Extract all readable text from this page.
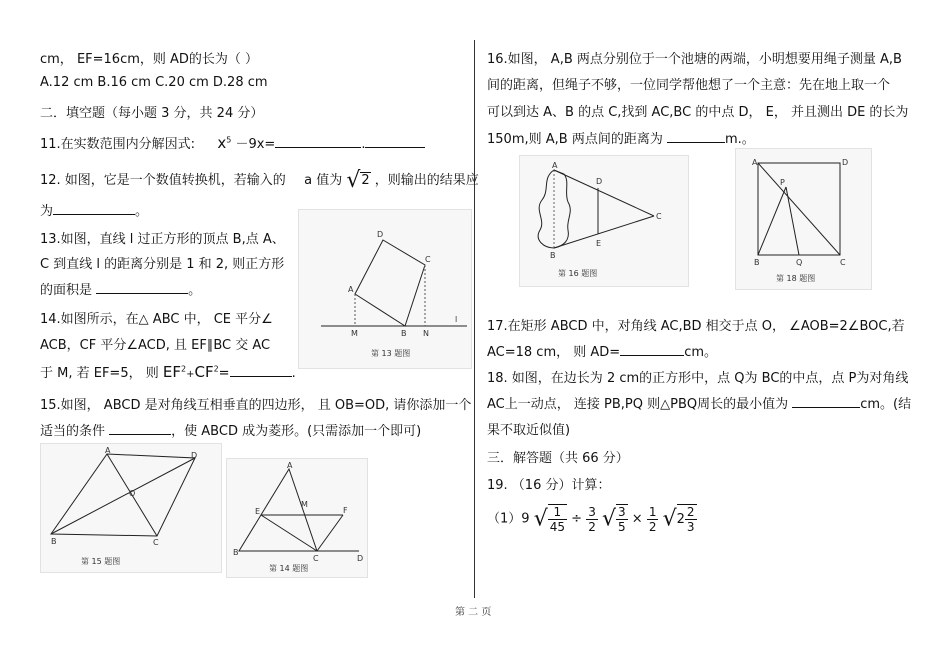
cm， EF=16cm，则 AD的长为（ ）
A.12 cm B.16 cm C.20 cm D.28 cm
二．填空题（每小题 3 分，共 24 分）
11.在实数范围内分解因式: $x^5 -9x=$	.
12. 如图，它是一个数值转换机，若输入的 a 值为 √2 ，则输出的结果应
为	。
13.如图，直线 l 过正方形的顶点 B,点 A、
C 到直线 l 的距离分别是 1 和 2, 则正方形
的面积是	。
14.如图所示，在△ ABC 中， CE 平分∠
ACB，CF 平分∠ACD, 且 EF∥BC 交 AC
于 M, 若 EF=5， 则 $EF^2+CF^2=$	.
15.如图， ABCD 是对角线互相垂直的四边形， 且 OB=OD, 请你添加一个
适当的条件	，使 ABCD 成为菱形。(只需添加一个即可)
D
C
A
M	B N
l
第 13 题图
A
D
O
B	C
第 15 题图
A
E
M
F
B
C	D
第 14 题图
16.如图， A,B 两点分别位于一个池塘的两端，小明想要用绳子测量 A,B
间的距离，但绳子不够，一位同学帮他想了一个主意：先在地上取一个
可以到达 A、B 的点 C,找到 AC,BC 的中点 D， E， 并且测出 DE 的长为
150m,则 A,B 两点间的距离为	m.。
A
D
C
B
E
第 16 题图
A	D
P
B	Q	C
第 18 题图
17.在矩形 ABCD 中，对角线 AC,BD 相交于点 O， ∠AOB=2∠BOC,若
AC=18 cm， 则 AD=	cm。
18. 如图，在边长为 2 cm的正方形中，点 Q为 BC的中点，点 P为对角线
AC上一动点， 连接 PB,PQ 则△PBQ周长的最小值为	cm。(结
果不取近似值)
三．解答题（共 66 分）
19. （16 分）计算：
（1）9 √ $\frac{1}{45} \div \frac{3}{2}$ √ $\frac{3}{5} \times \frac{1}{2} √2 \frac{2}{3}$
第 二 页
